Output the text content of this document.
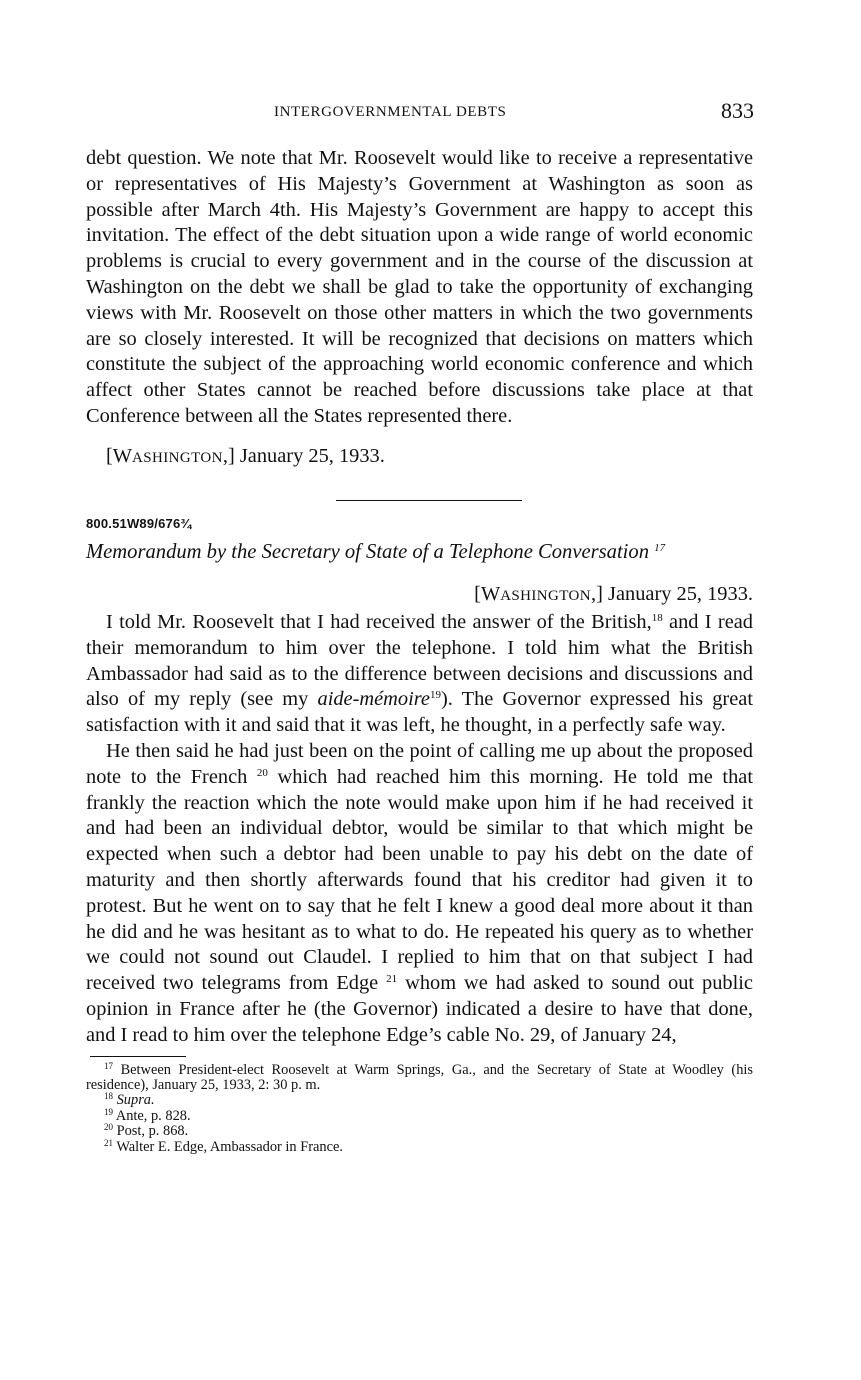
INTERGOVERNMENTAL DEBTS	833

debt question. We note that Mr. Roosevelt would like to receive a representative or representatives of His Majesty’s Government at Washington as soon as possible after March 4th. His Majesty’s Government are happy to accept this invitation. The effect of the debt situation upon a wide range of world economic problems is crucial to every government and in the course of the discussion at Washington on the debt we shall be glad to take the opportunity of exchanging views with Mr. Roosevelt on those other matters in which the two governments are so closely interested. It will be recognized that decisions on matters which constitute the subject of the approaching world economic conference and which affect other States cannot be reached before discussions take place at that Conference between all the States represented there.

[WASHINGTON,] January 25, 1933.

800.51W89/676¾
Memorandum by the Secretary of State of a Telephone Conversation $^{17}$

[WASHINGTON,] January 25, 1933.

I told Mr. Roosevelt that I had received the answer of the British,$^{18}$ and I read their memorandum to him over the telephone. I told him what the British Ambassador had said as to the difference between decisions and discussions and also of my reply (see my aide-mémoire$^{19}$). The Governor expressed his great satisfaction with it and said that it was left, he thought, in a perfectly safe way.

He then said he had just been on the point of calling me up about the proposed note to the French $^{20}$ which had reached him this morning. He told me that frankly the reaction which the note would make upon him if he had received it and had been an individual debtor, would be similar to that which might be expected when such a debtor had been unable to pay his debt on the date of maturity and then shortly afterwards found that his creditor had given it to protest. But he went on to say that he felt I knew a good deal more about it than he did and he was hesitant as to what to do. He repeated his query as to whether we could not sound out Claudel. I replied to him that on that subject I had received two telegrams from Edge $^{21}$ whom we had asked to sound out public opinion in France after he (the Governor) indicated a desire to have that done, and I read to him over the telephone Edge’s cable No. 29, of January 24,

$^{17}$ Between President-elect Roosevelt at Warm Springs, Ga., and the Secretary of State at Woodley (his residence), January 25, 1933, 2: 30 p. m.

$^{18}$ Supra.

$^{19}$ Ante, p. 828.

$^{20}$ Post, p. 868.

$^{21}$ Walter E. Edge, Ambassador in France.
